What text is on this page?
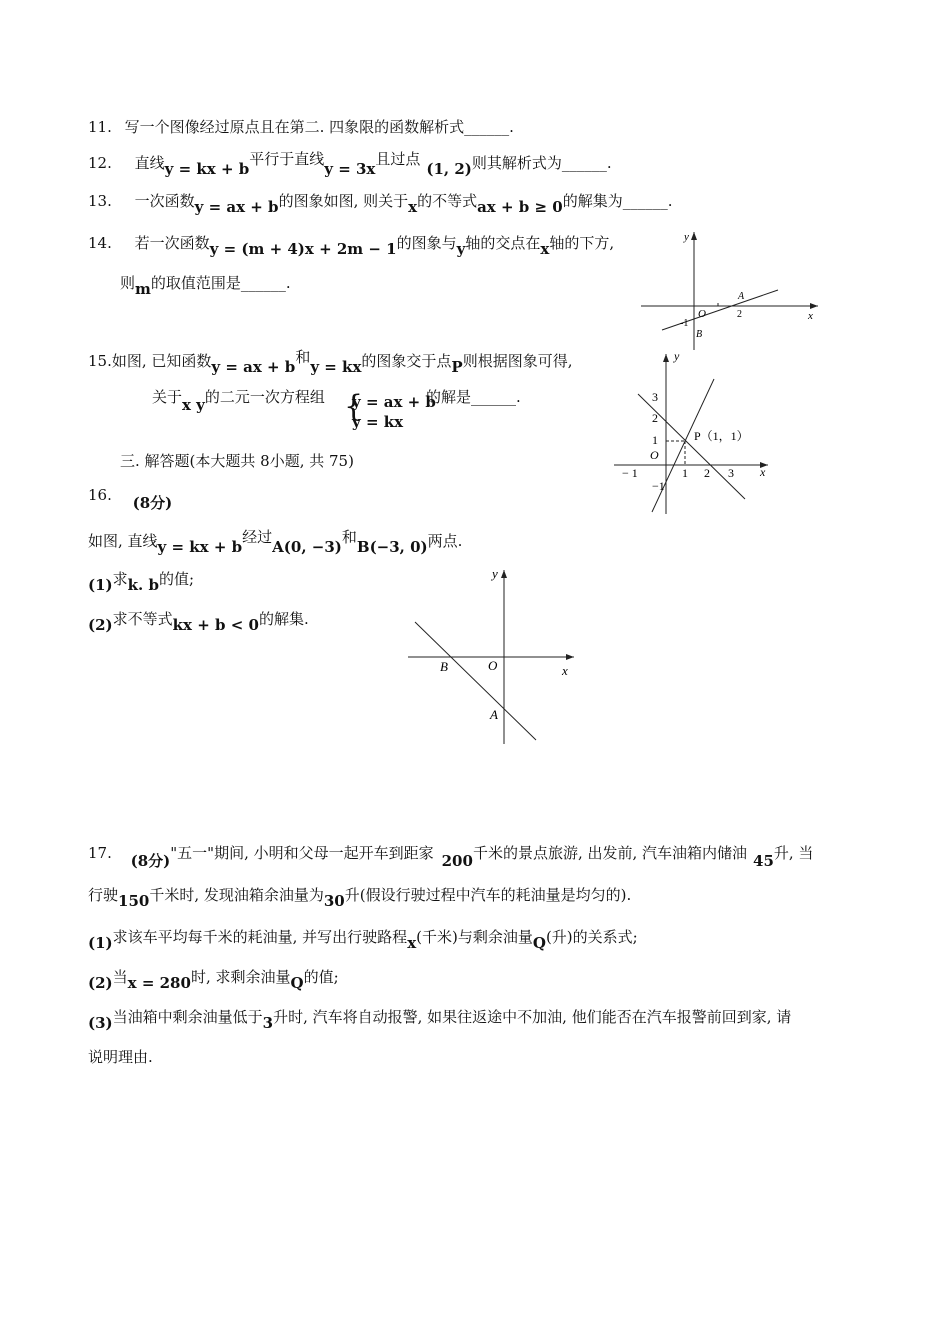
11. 写一个图像经过原点且在第二. 四象限的函数解析式______.
12. 直线y = kx + b平行于直线y = 3x且过点(1, 2)则其解析式为______.
13. 一次函数y = ax + b的图象如图, 则关于x的不等式ax + b ≥ 0的解集为______.
14. 若一次函数y = (m + 4)x + 2m − 1的图象与y轴的交点在x轴的下方,
则m的取值范围是______.
15.如图, 已知函数y = ax + b和y = kx的图象交于点P则根据图象可得,
关于x y的二元一次方程组 {
y = ax + b
y = kx
的解是______.
三. 解答题(本大题共 8小题, 共 75)
16. (8分)
如图, 直线y = kx + b经过A(0, −3)和B(−3, 0)两点.
(1)求k. b的值;
(2)求不等式kx + b < 0的解集.
17. (8分)"五一"期间, 小明和父母一起开车到距家 200千米的景点旅游, 出发前, 汽车油箱内储油 45升, 当
行驶150千米时, 发现油箱余油量为30升(假设行驶过程中汽车的耗油量是均匀的).
(1)求该车平均每千米的耗油量, 并写出行驶路程x(千米)与剩余油量Q(升)的关系式;
(2)当x = 280时, 求剩余油量Q的值;
(3)当油箱中剩余油量低于3升时, 汽车将自动报警, 如果往返途中不加油, 他们能否在汽车报警前回到家, 请
说明理由.
y
x
O
A
B
-1
2
y
x
O
P（1，1）
− 1	1 2 3
3
2
1
−1
y
x
O
B
A
